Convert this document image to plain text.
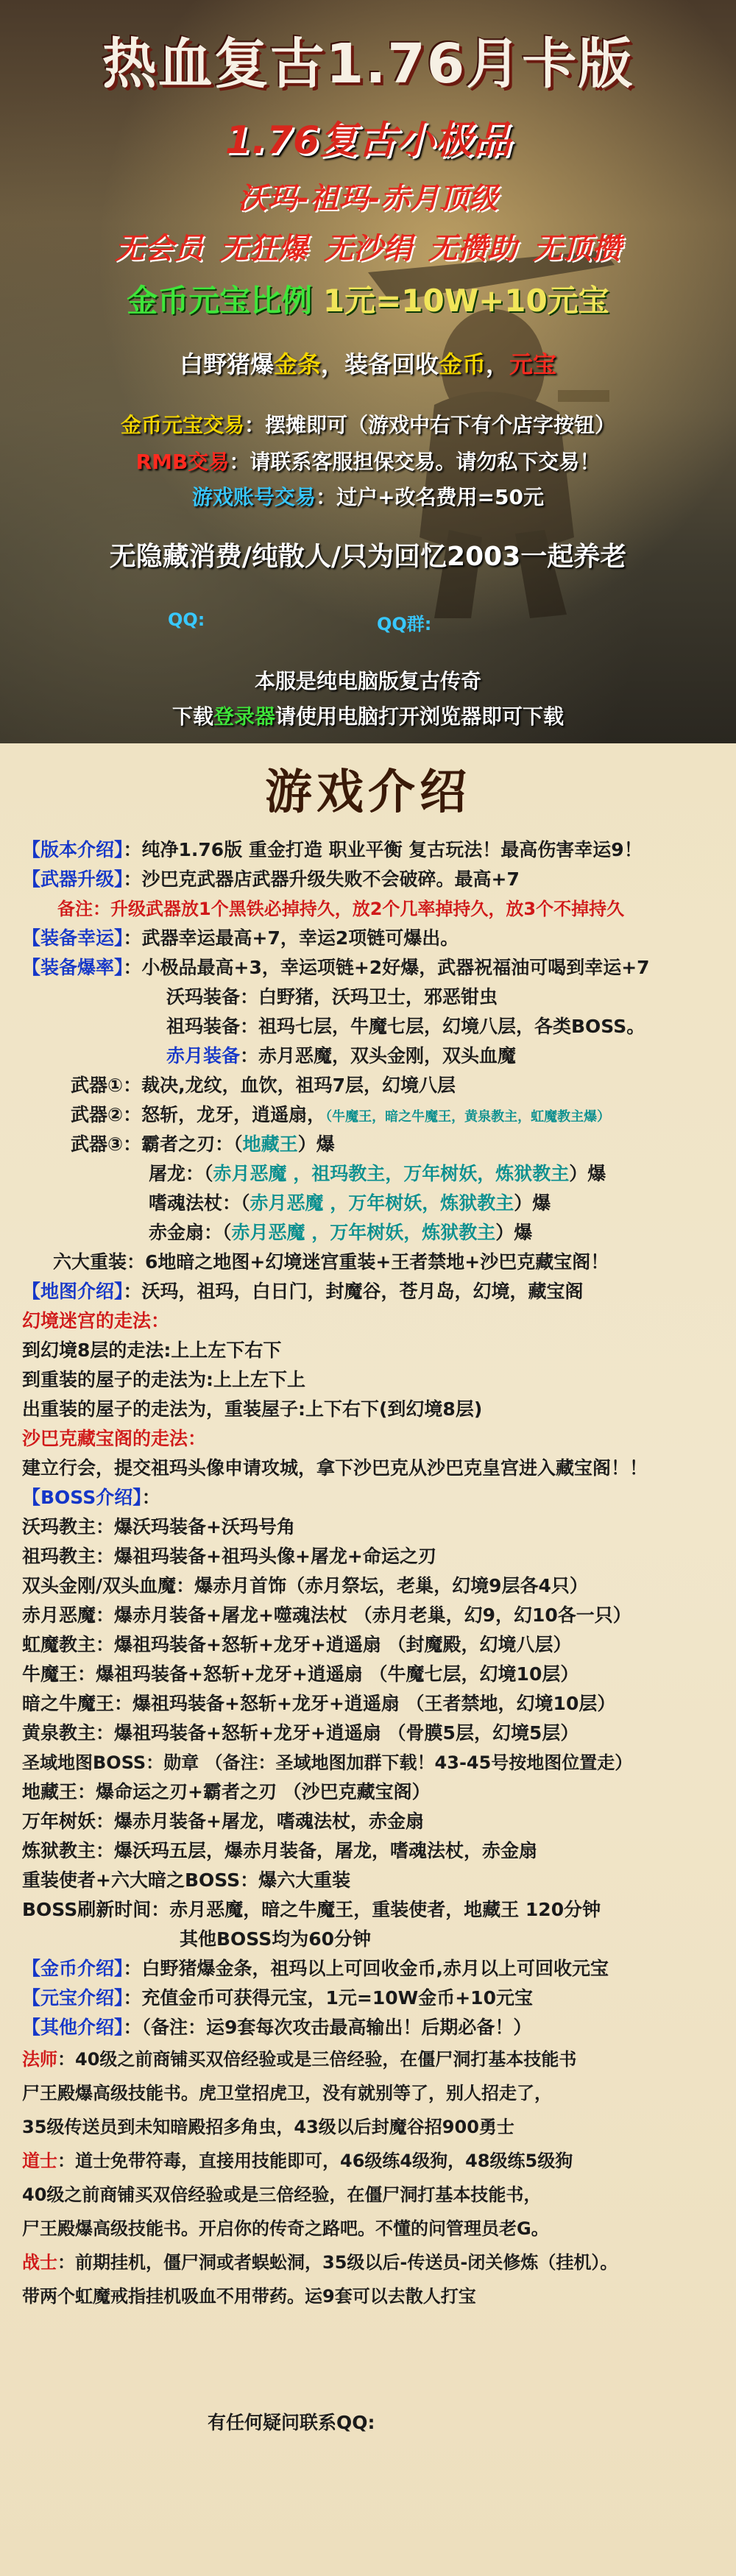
热血复古1.76月卡版
1.76复古小极品
沃玛-祖玛-赤月顶级
无会员 无狂爆 无沙绢 无攒助 无顶攒
金币元宝比例 1元=10W+10元宝
白野猪爆金条，装备回收金币，元宝
金币元宝交易：摆摊即可（游戏中右下有个店字按钮）
RMB交易：请联系客服担保交易。请勿私下交易！
游戏账号交易：过户+改名费用=50元
无隐藏消费/纯散人/只为回忆2003一起养老
QQ:	QQ群:
本服是纯电脑版复古传奇
下载登录器请使用电脑打开浏览器即可下载
游戏介绍
【版本介绍】：纯净1.76版 重金打造 职业平衡 复古玩法！最高伤害幸运9！
【武器升级】：沙巴克武器店武器升级失败不会破碎。最高+7
备注：升级武器放1个黑铁必掉持久，放2个几率掉持久，放3个不掉持久
【装备幸运】：武器幸运最高+7，幸运2项链可爆出。
【装备爆率】：小极品最高+3，幸运项链+2好爆，武器祝福油可喝到幸运+7
沃玛装备：白野猪，沃玛卫士，邪恶钳虫
祖玛装备：祖玛七层，牛魔七层，幻境八层，各类BOSS。
赤月装备：赤月恶魔，双头金刚，双头血魔
武器①：裁决,龙纹，血饮，祖玛7层，幻境八层
武器②：怒斩，龙牙，逍遥扇，（牛魔王，暗之牛魔王，黄泉教主，虹魔教主爆）
武器③：霸者之刃：（地藏王）爆
屠龙：（赤月恶魔 ，祖玛教主，万年树妖，炼狱教主）爆
嗜魂法杖：（赤月恶魔 ，万年树妖，炼狱教主）爆
赤金扇：（赤月恶魔 ，万年树妖，炼狱教主）爆
六大重装：6地暗之地图+幻境迷宫重装+王者禁地+沙巴克藏宝阁！
【地图介绍】：沃玛，祖玛，白日门，封魔谷，苍月岛，幻境，藏宝阁
幻境迷宫的走法：
到幻境8层的走法:上上左下右下
到重装的屋子的走法为:上上左下上
出重装的屋子的走法为，重装屋子:上下右下(到幻境8层)
沙巴克藏宝阁的走法：
建立行会，提交祖玛头像申请攻城，拿下沙巴克从沙巴克皇宫进入藏宝阁！！
【BOSS介绍】：
沃玛教主：爆沃玛装备+沃玛号角
祖玛教主：爆祖玛装备+祖玛头像+屠龙+命运之刃
双头金刚/双头血魔：爆赤月首饰（赤月祭坛，老巢，幻境9层各4只）
赤月恶魔：爆赤月装备+屠龙+噬魂法杖 （赤月老巢，幻9，幻10各一只）
虹魔教主：爆祖玛装备+怒斩+龙牙+逍遥扇 （封魔殿，幻境八层）
牛魔王：爆祖玛装备+怒斩+龙牙+逍遥扇 （牛魔七层，幻境10层）
暗之牛魔王：爆祖玛装备+怒斩+龙牙+逍遥扇 （王者禁地，幻境10层）
黄泉教主：爆祖玛装备+怒斩+龙牙+逍遥扇 （骨膜5层，幻境5层）
圣域地图BOSS：勋章 （备注：圣域地图加群下载！43-45号按地图位置走）
地藏王：爆命运之刃+霸者之刃 （沙巴克藏宝阁）
万年树妖：爆赤月装备+屠龙，嗜魂法杖，赤金扇
炼狱教主：爆沃玛五层，爆赤月装备，屠龙，嗜魂法杖，赤金扇
重装使者+六大暗之BOSS：爆六大重装
BOSS刷新时间：赤月恶魔，暗之牛魔王，重装使者，地藏王 120分钟
其他BOSS均为60分钟
【金币介绍】：白野猪爆金条，祖玛以上可回收金币,赤月以上可回收元宝
【元宝介绍】：充值金币可获得元宝，1元=10W金币+10元宝
【其他介绍】：（备注：运9套每次攻击最高输出！后期必备！）
法师：40级之前商铺买双倍经验或是三倍经验，在僵尸洞打基本技能书
尸王殿爆高级技能书。虎卫堂招虎卫，没有就别等了，别人招走了，
35级传送员到未知暗殿招多角虫，43级以后封魔谷招900勇士
道士：道士免带符毒，直接用技能即可，46级练4级狗，48级练5级狗
40级之前商铺买双倍经验或是三倍经验，在僵尸洞打基本技能书，
尸王殿爆高级技能书。开启你的传奇之路吧。不懂的问管理员老G。
战士：前期挂机，僵尸洞或者蜈蚣洞，35级以后-传送员-闭关修炼（挂机）。
带两个虹魔戒指挂机吸血不用带药。运9套可以去散人打宝
有任何疑问联系QQ:
